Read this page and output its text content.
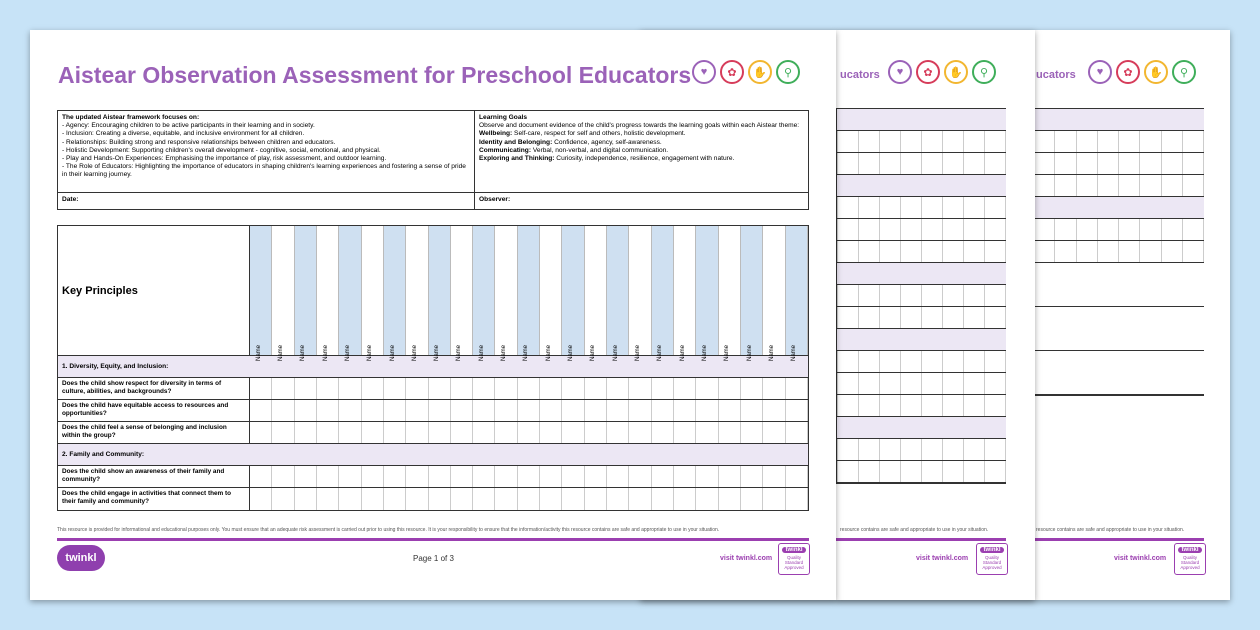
ucators	♥	✿	✋	⚲
resource contains are safe and appropriate to use in your situation.
visit twinkl.com
twinkl
Quality Standard Approved
ucators	♥	✿	✋	⚲
resource contains are safe and appropriate to use in your situation.
visit twinkl.com
twinkl
Quality Standard Approved
Aistear Observation Assessment for Preschool Educators ♥	✿	✋	⚲
The updated Aistear framework focuses on:
- Agency: Encouraging children to be active participants in their learning and in society.
- Inclusion: Creating a diverse, equitable, and inclusive environment for all children.
- Relationships: Building strong and responsive relationships between children and educators.
- Holistic Development: Supporting children's overall development - cognitive, social, emotional, and physical.
- Play and Hands-On Experiences: Emphasising the importance of play, risk assessment, and outdoor learning.
- The Role of Educators: Highlighting the importance of educators in shaping children's learning experiences and fostering a sense of pride in their learning journey.
Learning Goals
Observe and document evidence of the child's progress towards the learning goals within each Aistear theme:
Wellbeing: Self-care, respect for self and others, holistic development.
Identity and Belonging: Confidence, agency, self-awareness.
Communicating: Verbal, non-verbal, and digital communication.
Exploring and Thinking: Curiosity, independence, resilience, engagement with nature.
Date:	Observer:
Key Principles
Name	Name	Name	Name	Name	Name	Name	Name	Name	Name	Name	Name	Name	Name	Name	Name	Name	Name	Name	Name	Name	Name	Name	Name	Name
1. Diversity, Equity, and Inclusion:
Does the child show respect for diversity in terms of culture, abilities, and backgrounds?
Does the child have equitable access to resources and opportunities?
Does the child feel a sense of belonging and inclusion within the group?
2. Family and Community:
Does the child show an awareness of their family and community?
Does the child engage in activities that connect them to their family and community?
This resource is provided for informational and educational purposes only. You must ensure that an adequate risk assessment is carried out prior to using this resource. It is your responsibility to ensure that the information/activity this resource contains are safe and appropriate to use in your situation.
twinkl	Page 1 of 3	visit twinkl.com
twinkl
Quality Standard Approved
